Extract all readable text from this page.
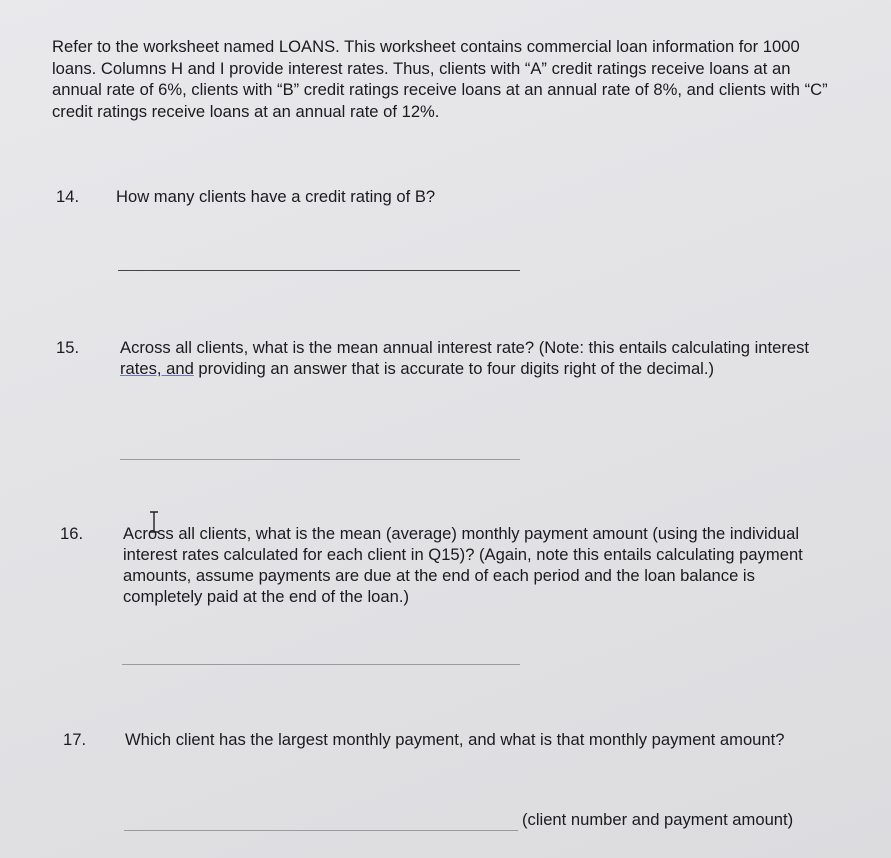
Refer to the worksheet named LOANS. This worksheet contains commercial loan information for 1000 loans. Columns H and I provide interest rates. Thus, clients with “A” credit ratings receive loans at an annual rate of 6%, clients with “B” credit ratings receive loans at an annual rate of 8%, and clients with “C” credit ratings receive loans at an annual rate of 12%.

14. How many clients have a credit rating of B?

15. Across all clients, what is the mean annual interest rate? (Note: this entails calculating interest rates, and providing an answer that is accurate to four digits right of the decimal.)

16. Across all clients, what is the mean (average) monthly payment amount (using the individual interest rates calculated for each client in Q15)? (Again, note this entails calculating payment amounts, assume payments are due at the end of each period and the loan balance is completely paid at the end of the loan.)

17. Which client has the largest monthly payment, and what is that monthly payment amount?

(client number and payment amount)
